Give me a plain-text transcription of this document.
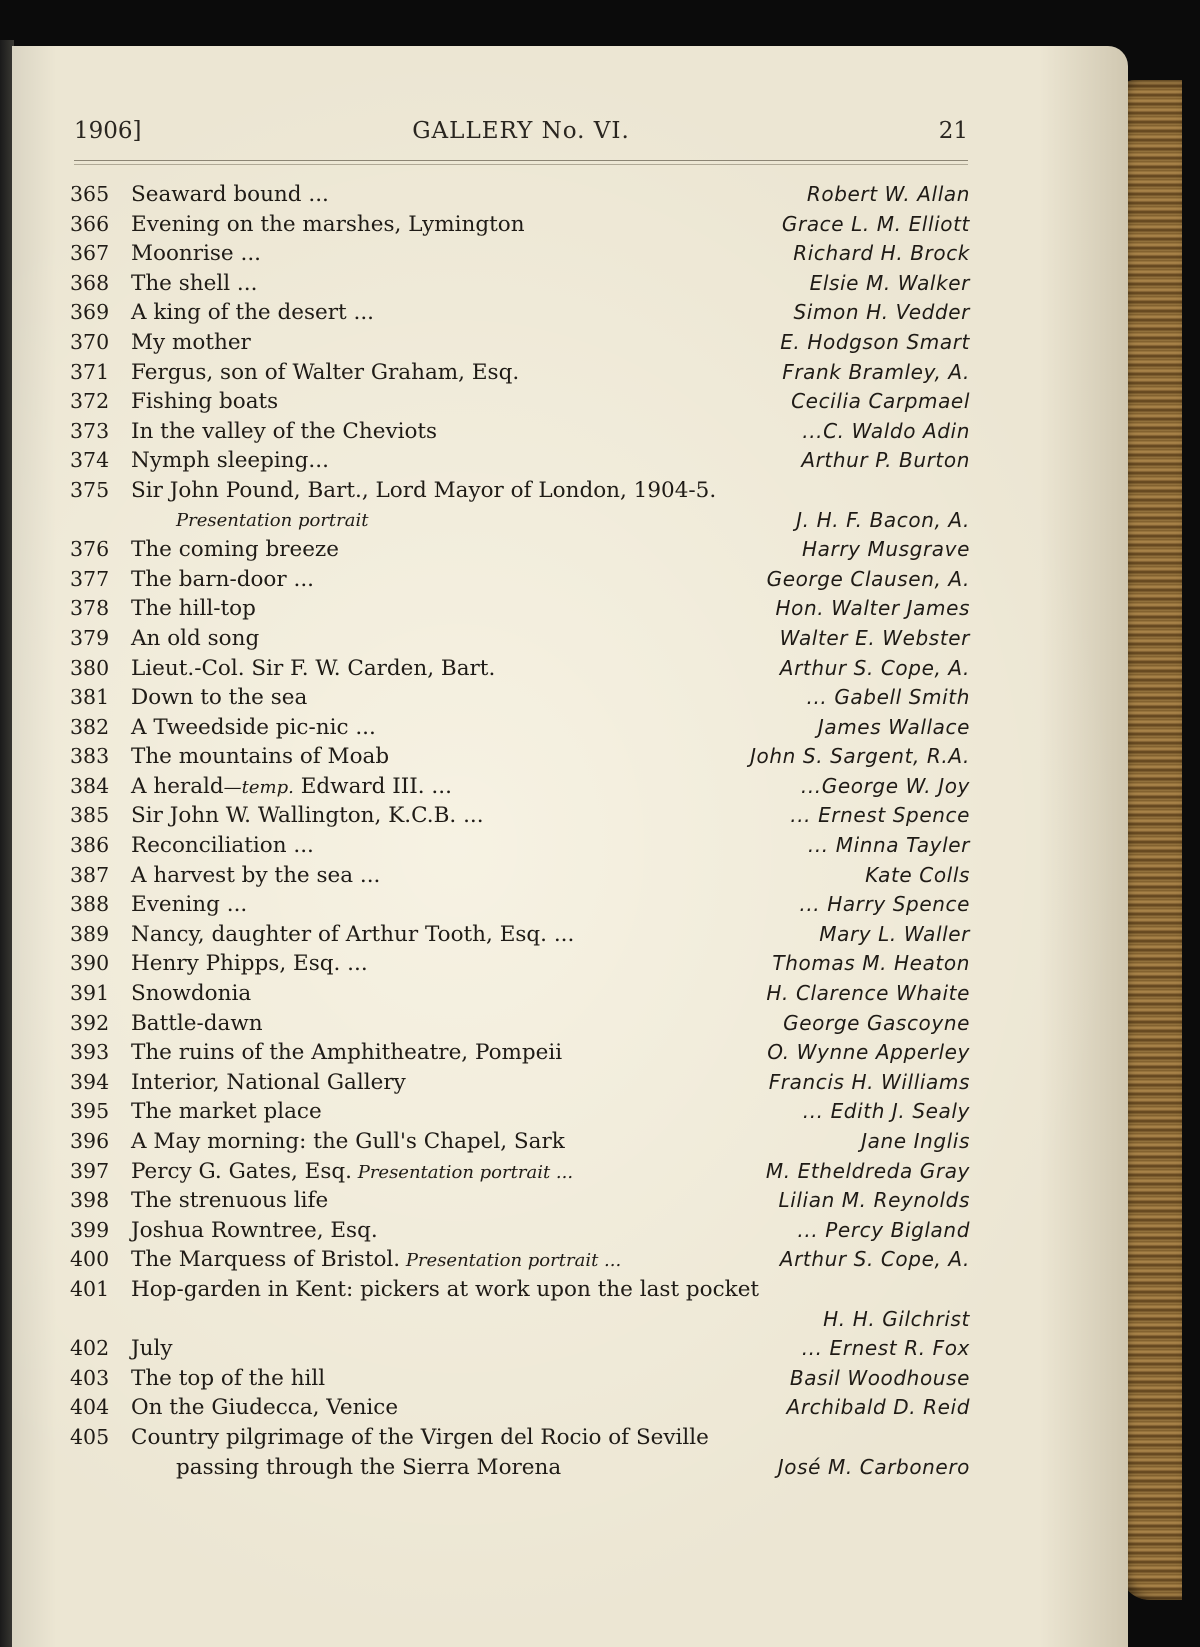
1906]	GALLERY No. VI.	21
365	Seaward bound ...	Robert W. Allan
366	Evening on the marshes, Lymington	Grace L. M. Elliott
367	Moonrise ...	Richard H. Brock
368	The shell ...	Elsie M. Walker
369	A king of the desert ...	Simon H. Vedder
370	My mother	E. Hodgson Smart
371	Fergus, son of Walter Graham, Esq.	Frank Bramley, A.
372	Fishing boats	Cecilia Carpmael
373	In the valley of the Cheviots	...C. Waldo Adin
374	Nymph sleeping...	Arthur P. Burton
375	Sir John Pound, Bart., Lord Mayor of London, 1904-5.
Presentation portrait	J. H. F. Bacon, A.
376	The coming breeze	Harry Musgrave
377	The barn-door ...	George Clausen, A.
378	The hill-top	Hon. Walter James
379	An old song	Walter E. Webster
380	Lieut.-Col. Sir F. W. Carden, Bart.	Arthur S. Cope, A.
381	Down to the sea	... Gabell Smith
382	A Tweedside pic-nic ...	James Wallace
383	The mountains of Moab	John S. Sargent, R.A.
384	A herald—temp. Edward III. ...	...George W. Joy
385	Sir John W. Wallington, K.C.B. ...	... Ernest Spence
386	Reconciliation ...	... Minna Tayler
387	A harvest by the sea ...	Kate Colls
388	Evening ...	... Harry Spence
389	Nancy, daughter of Arthur Tooth, Esq. ...	Mary L. Waller
390	Henry Phipps, Esq. ...	Thomas M. Heaton
391	Snowdonia	H. Clarence Whaite
392	Battle-dawn	George Gascoyne
393	The ruins of the Amphitheatre, Pompeii	O. Wynne Apperley
394	Interior, National Gallery	Francis H. Williams
395	The market place	... Edith J. Sealy
396	A May morning: the Gull's Chapel, Sark	Jane Inglis
397	Percy G. Gates, Esq. Presentation portrait ...	M. Etheldreda Gray
398	The strenuous life	Lilian M. Reynolds
399	Joshua Rowntree, Esq.	... Percy Bigland
400	The Marquess of Bristol. Presentation portrait ...	Arthur S. Cope, A.
401	Hop-garden in Kent: pickers at work upon the last pocket
H. H. Gilchrist
402	July	... Ernest R. Fox
403	The top of the hill	Basil Woodhouse
404	On the Giudecca, Venice	Archibald D. Reid
405	Country pilgrimage of the Virgen del Rocio of Seville
passing through the Sierra Morena	José M. Carbonero
